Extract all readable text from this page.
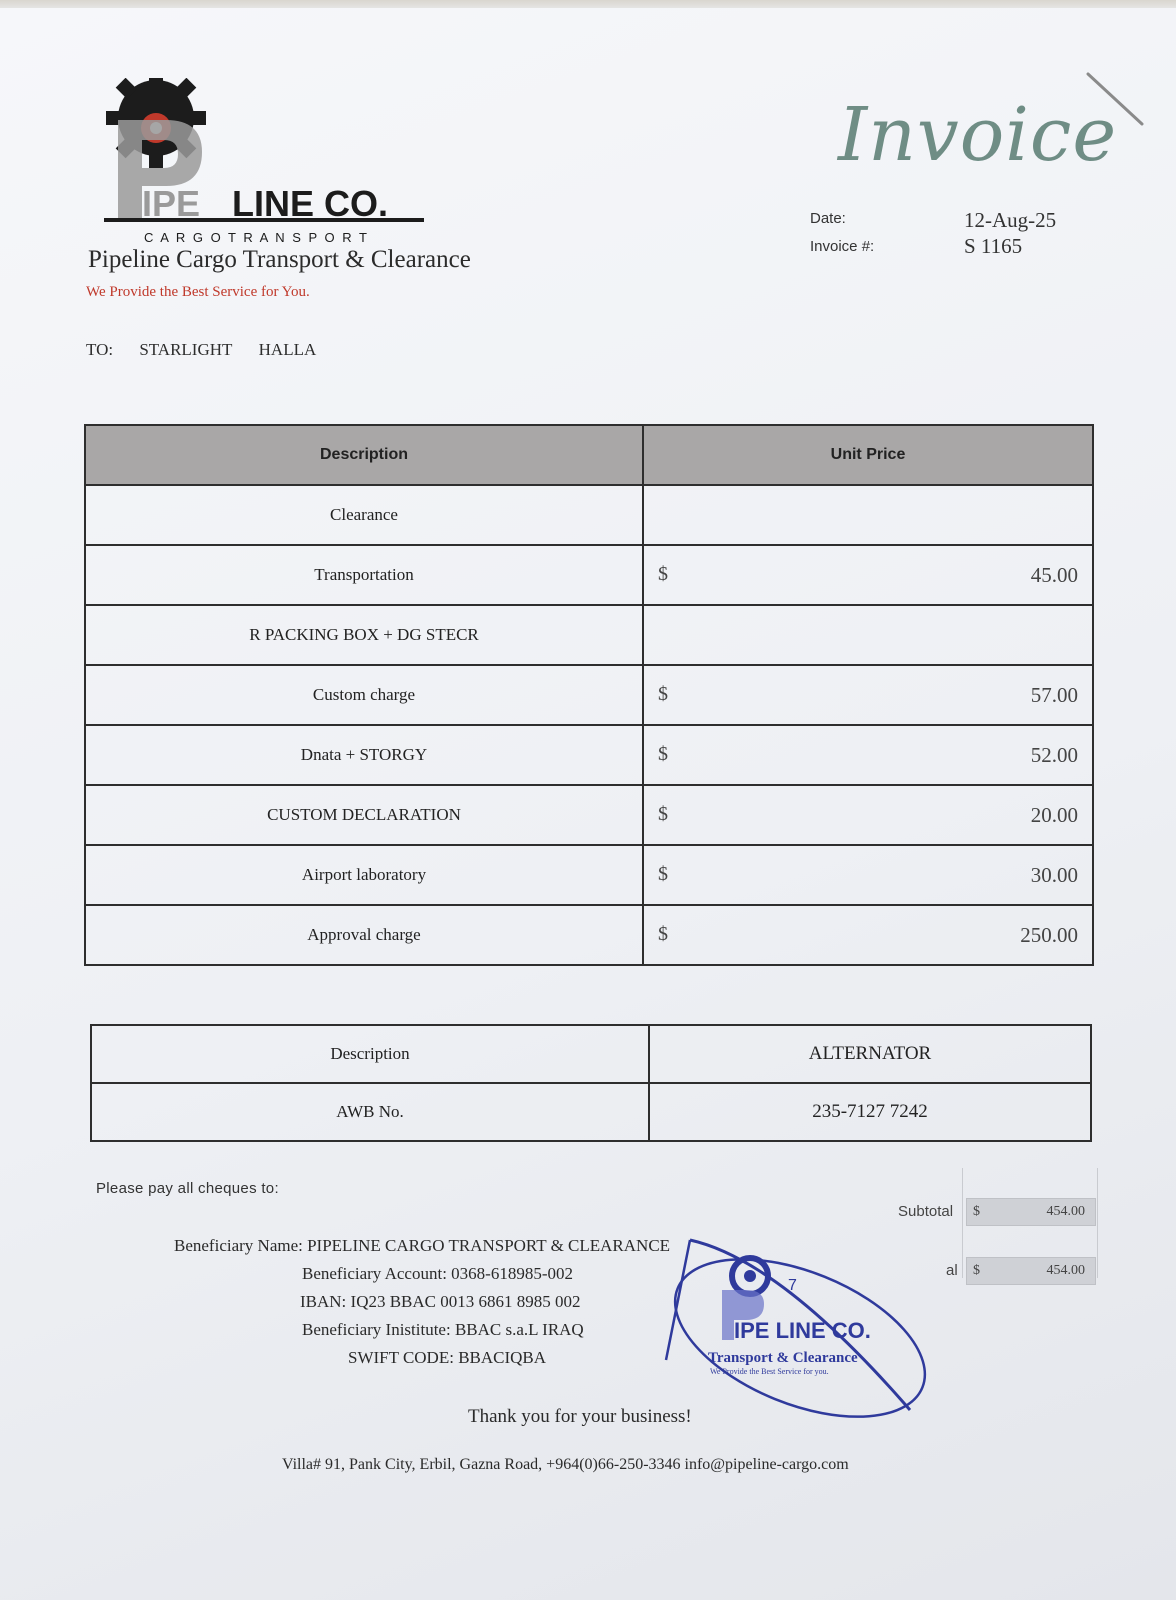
IPE LINE CO.
C A R G O T R A N S P O R T
Pipeline Cargo Transport & Clearance
We Provide the Best Service for You.
TO: STARLIGHT HALLA
Invoice
Date:	12-Aug-25
Invoice #:	S 1165
Description	Unit Price
Clearance	

Transportation	$ 45.00

R PACKING BOX + DG STECR	

Custom charge	$ 57.00

Dnata + STORGY	$ 52.00

CUSTOM DECLARATION	$ 20.00

Airport laboratory	$ 30.00

Approval charge	$ 250.00
Description	ALTERNATOR
AWB No.	235-7127 7242
Please pay all cheques to:
Beneficiary Name: PIPELINE CARGO TRANSPORT & CLEARANCE
Beneficiary Account: 0368-618985-002
IBAN: IQ23 BBAC 0013 6861 8985 002
Beneficiary Inistitute: BBAC s.a.L IRAQ
SWIFT CODE: BBACIQBA
Subtotal $	454.00
al $	454.00
IPE LINE CO.
Transport & Clearance
We Provide the Best Service for you.
7
Thank you for your business!
Villa# 91, Pank City, Erbil, Gazna Road, +964(0)66-250-3346 info@pipeline-cargo.com
